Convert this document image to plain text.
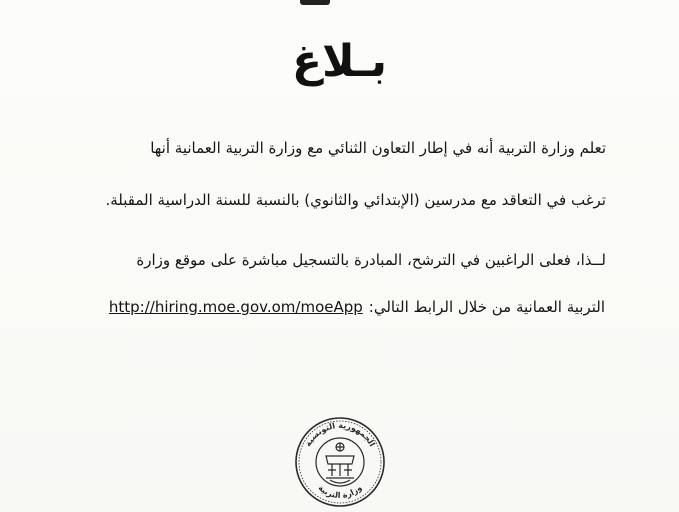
بـلاغ
تعلم وزارة التربية أنه في إطار التعاون الثنائي مع وزارة التربية العمانية أنها
ترغب في التعاقد مع مدرسين (الإبتدائي والثانوي) بالنسبة للسنة الدراسية المقبلة.
لــذا، فعلى الراغبين في الترشح، المبادرة بالتسجيل مباشرة على موقع وزارة
التربية العمانية من خلال الرابط التالي:http://hiring.moe.gov.om/moeApp
الجمهورية التونسية
وزارة التربية
